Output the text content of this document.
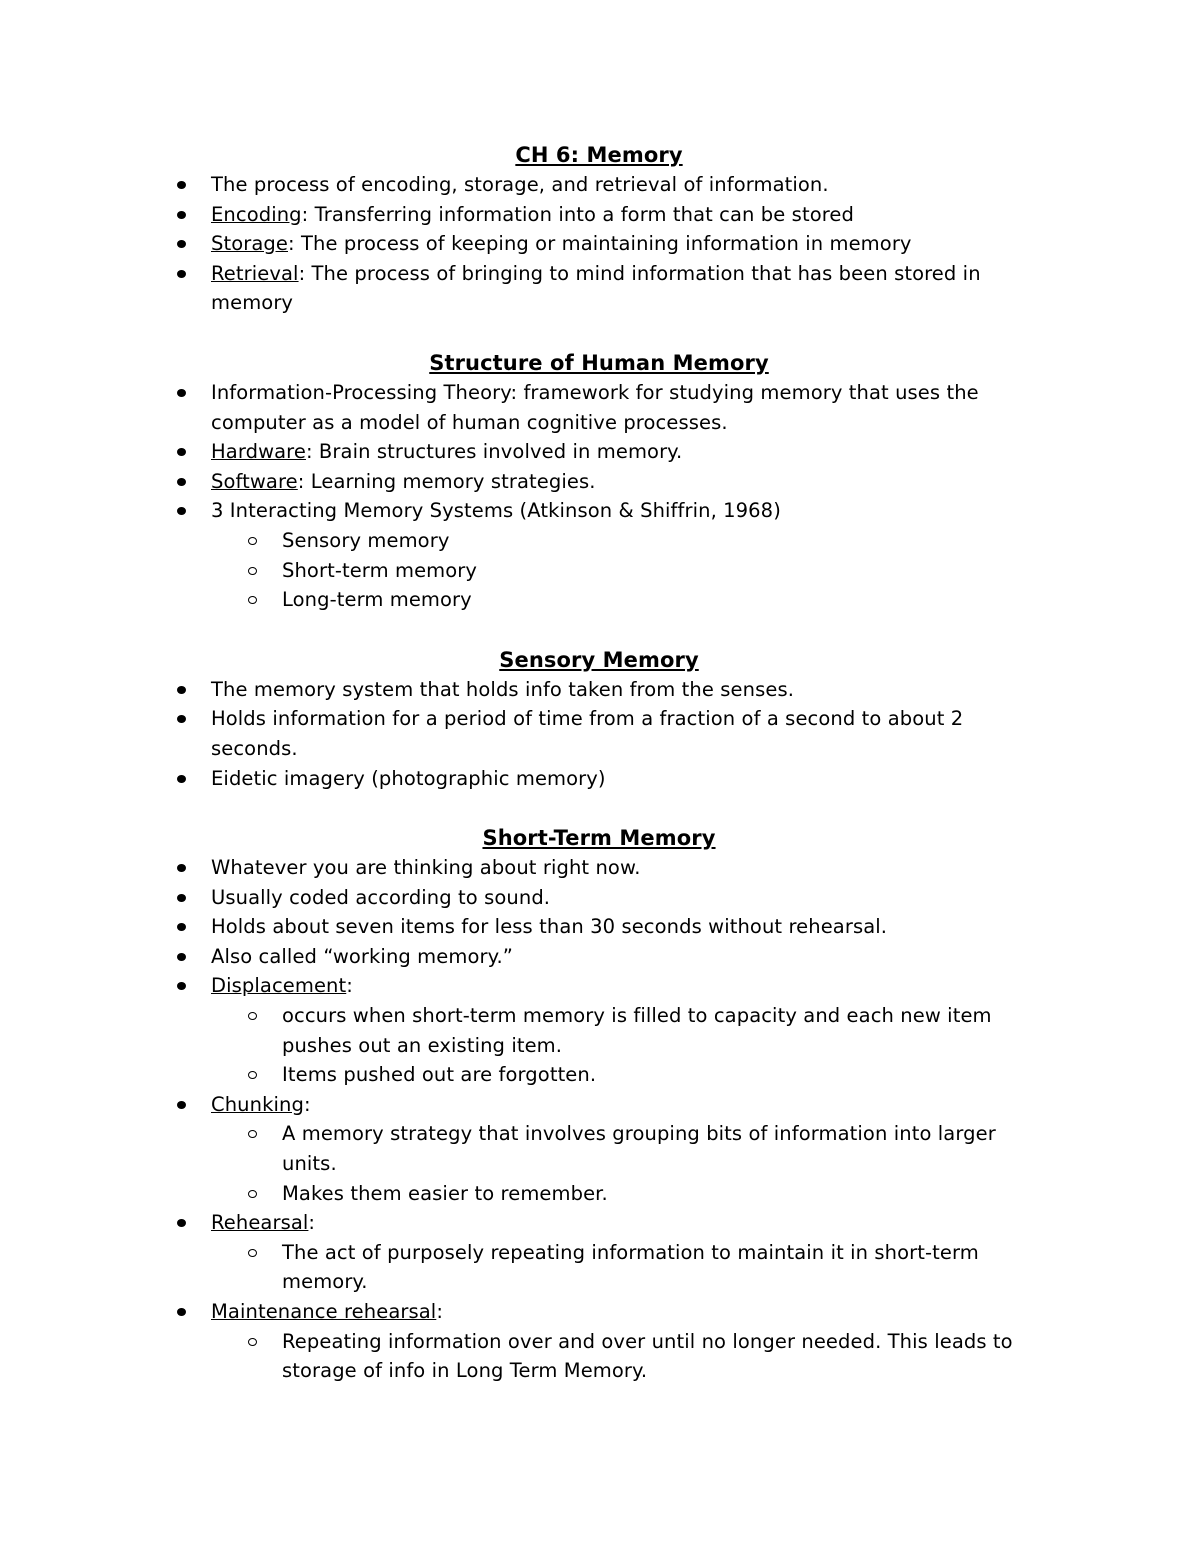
CH 6: Memory
The process of encoding, storage, and retrieval of information.
Encoding: Transferring information into a form that can be stored
Storage: The process of keeping or maintaining information in memory
Retrieval: The process of bringing to mind information that has been stored in memory
Structure of Human Memory
Information-Processing Theory: framework for studying memory that uses the computer as a model of human cognitive processes.
Hardware: Brain structures involved in memory.
Software: Learning memory strategies.
3 Interacting Memory Systems (Atkinson & Shiffrin, 1968)
Sensory memory
Short-term memory
Long-term memory
Sensory Memory
The memory system that holds info taken from the senses.
Holds information for a period of time from a fraction of a second to about 2 seconds.
Eidetic imagery (photographic memory)
Short-Term Memory
Whatever you are thinking about right now.
Usually coded according to sound.
Holds about seven items for less than 30 seconds without rehearsal.
Also called “working memory.”
Displacement:
occurs when short-term memory is filled to capacity and each new item pushes out an existing item.
Items pushed out are forgotten.
Chunking:
A memory strategy that involves grouping bits of information into larger units.
Makes them easier to remember.
Rehearsal:
The act of purposely repeating information to maintain it in short-term memory.
Maintenance rehearsal:
Repeating information over and over until no longer needed. This leads to storage of info in Long Term Memory.
